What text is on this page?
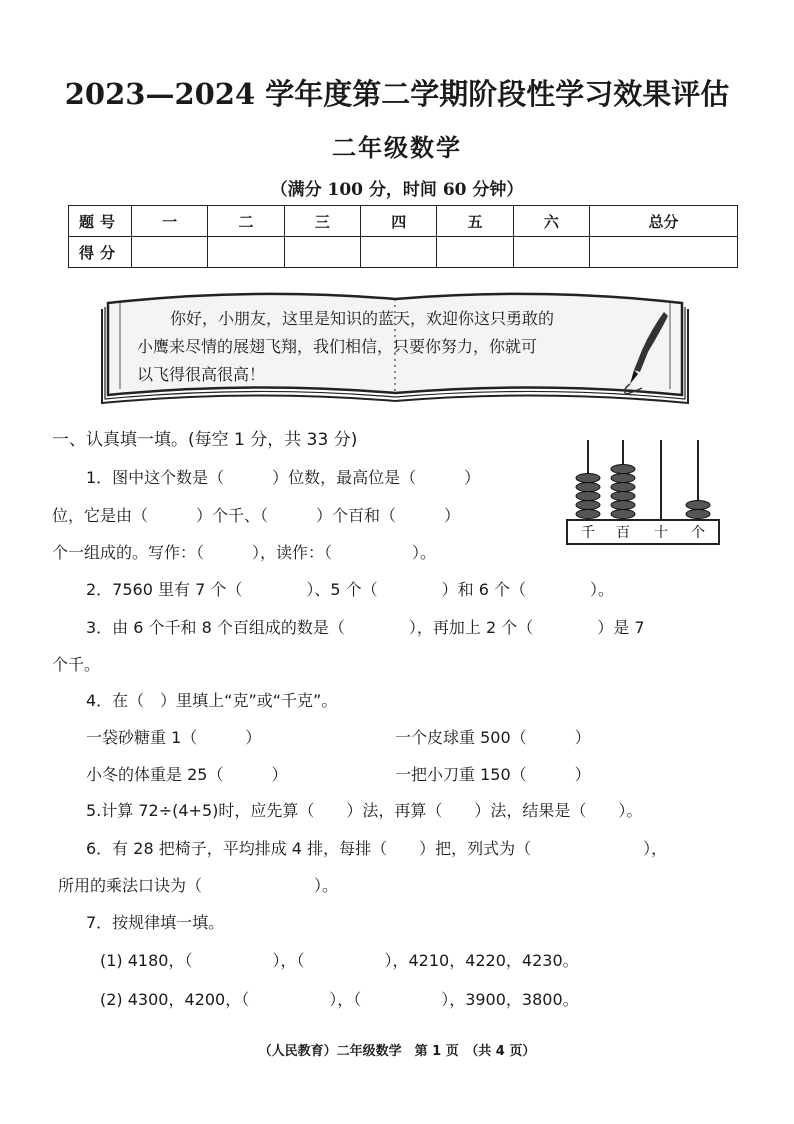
2023—2024 学年度第二学期阶段性学习效果评估
二年级数学
（满分 100 分，时间 60 分钟）
题号	一	二	三	四	五	六	总分
得分							
你好，小朋友，这里是知识的蓝天，欢迎你这只勇敢的
小鹰来尽情的展翅飞翔，我们相信，只要你努力，你就可
以飞得很高很高！
一、认真填一填。(每空 1 分，共 33 分)
1．图中这个数是（　　　）位数，最高位是（　　　）
位，它是由（　　　）个千、（　　　）个百和（　　　）
个一组成的。写作：（　　　），读作：（　　　　　）。
千 百 十 个
2．7560 里有 7 个（　　　　）、5 个（　　　　）和 6 个（　　　　）。
3．由 6 个千和 8 个百组成的数是（　　　　），再加上 2 个（　　　　）是 7
个千。
4．在（　）里填上“克”或“千克”。
一袋砂糖重 1（　　　）	一个皮球重 500（　　　）
小冬的体重是 25（　　　）	一把小刀重 150（　　　）
5.计算 72÷(4+5)时，应先算（　　）法，再算（　　）法，结果是（　　）。
6．有 28 把椅子，平均排成 4 排，每排（　　）把，列式为（　　　　　　　），
所用的乘法口诀为（　　　　　　　）。
7．按规律填一填。
(1) 4180，（　　　　　），（　　　　　），4210，4220，4230。
(2) 4300，4200，（　　　　　），（　　　　　），3900，3800。
（人民教育）二年级数学　第 1 页　（共 4 页）
